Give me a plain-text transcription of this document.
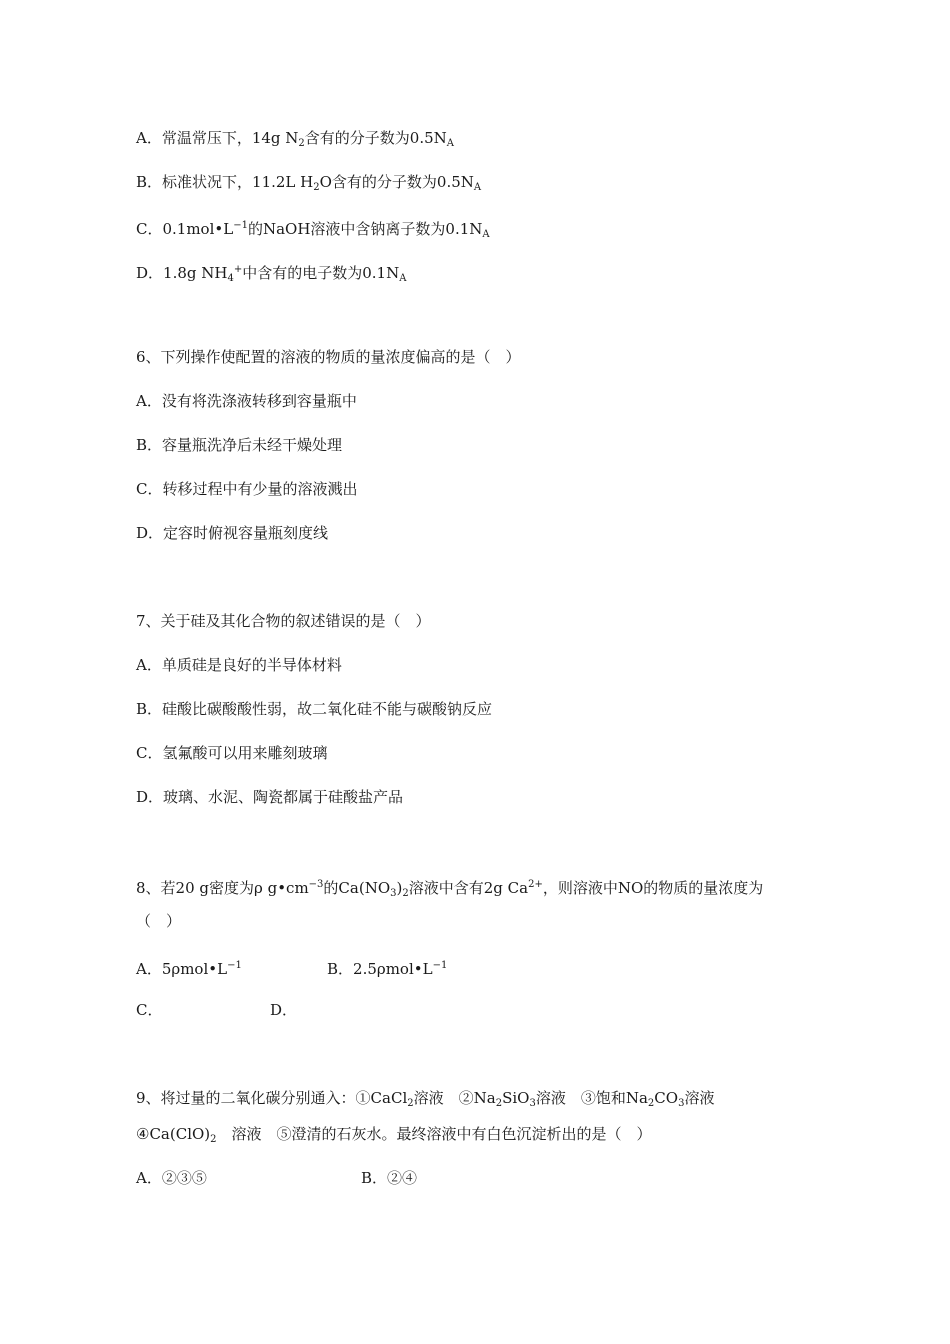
A．常温常压下，14g $N_2$含有的分子数为$0.5N_A$
B．标准状况下，11.2L $H_2O$含有的分子数为$0.5N_A$
C．$0.1mol•L^{-1}$的NaOH溶液中含钠离子数为$0.1N_A$
D．1.8g $NH_4^+$中含有的电子数为$0.1N_A$
6、下列操作使配置的溶液的物质的量浓度偏高的是（　）
A．没有将洗涤液转移到容量瓶中
B．容量瓶洗净后未经干燥处理
C．转移过程中有少量的溶液溅出
D．定容时俯视容量瓶刻度线
7、关于硅及其化合物的叙述错误的是（　）
A．单质硅是良好的半导体材料
B．硅酸比碳酸酸性弱，故二氧化硅不能与碳酸钠反应
C．氢氟酸可以用来雕刻玻璃
D．玻璃、水泥、陶瓷都属于硅酸盐产品
8、若20 g密度为ρ $g•cm^{-3}$的$Ca(NO_3)_2$溶液中含有2g $Ca^{2+}$，则溶液中NO的物质的量浓度为
（　）
A．$5\rho mol•L^{-1}$	B．$2.5\rho mol•L^{-1}$
C．	D．
9、将过量的二氧化碳分别通入：①CaCl$_2$溶液　$②Na_2SiO_3$溶液　③饱和$Na_2CO_3$溶液
$④Ca(ClO)_2$　溶液　⑤澄清的石灰水。最终溶液中有白色沉淀析出的是（　）
A．②③⑤	B．②④
